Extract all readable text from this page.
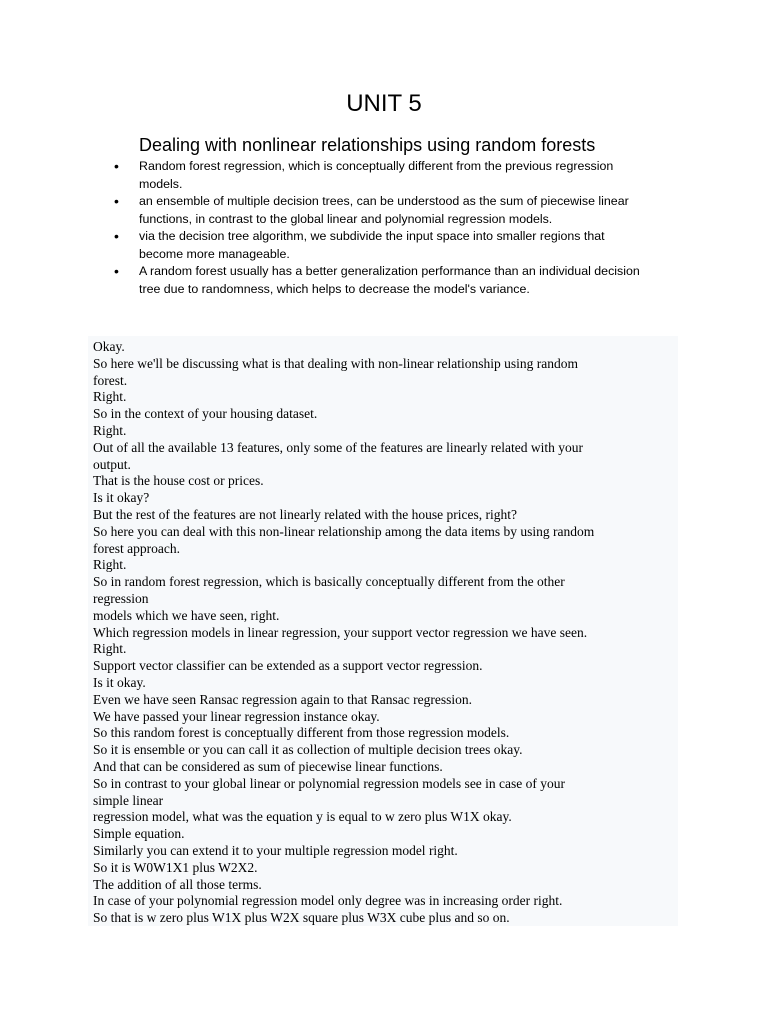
UNIT 5
Dealing with nonlinear relationships using random forests
• Random forest regression, which is conceptually different from the previous regression
models.
• an ensemble of multiple decision trees, can be understood as the sum of piecewise linear
functions, in contrast to the global linear and polynomial regression models.
• via the decision tree algorithm, we subdivide the input space into smaller regions that
become more manageable.
• A random forest usually has a better generalization performance than an individual decision
tree due to randomness, which helps to decrease the model's variance.
Okay.
So here we'll be discussing what is that dealing with non-linear relationship using random
forest.
Right.
So in the context of your housing dataset.
Right.
Out of all the available 13 features, only some of the features are linearly related with your
output.
That is the house cost or prices.
Is it okay?
But the rest of the features are not linearly related with the house prices, right?
So here you can deal with this non-linear relationship among the data items by using random
forest approach.
Right.
So in random forest regression, which is basically conceptually different from the other
regression
models which we have seen, right.
Which regression models in linear regression, your support vector regression we have seen.
Right.
Support vector classifier can be extended as a support vector regression.
Is it okay.
Even we have seen Ransac regression again to that Ransac regression.
We have passed your linear regression instance okay.
So this random forest is conceptually different from those regression models.
So it is ensemble or you can call it as collection of multiple decision trees okay.
And that can be considered as sum of piecewise linear functions.
So in contrast to your global linear or polynomial regression models see in case of your
simple linear
regression model, what was the equation y is equal to w zero plus W1X okay.
Simple equation.
Similarly you can extend it to your multiple regression model right.
So it is W0W1X1 plus W2X2.
The addition of all those terms.
In case of your polynomial regression model only degree was in increasing order right.
So that is w zero plus W1X plus W2X square plus W3X cube plus and so on.
